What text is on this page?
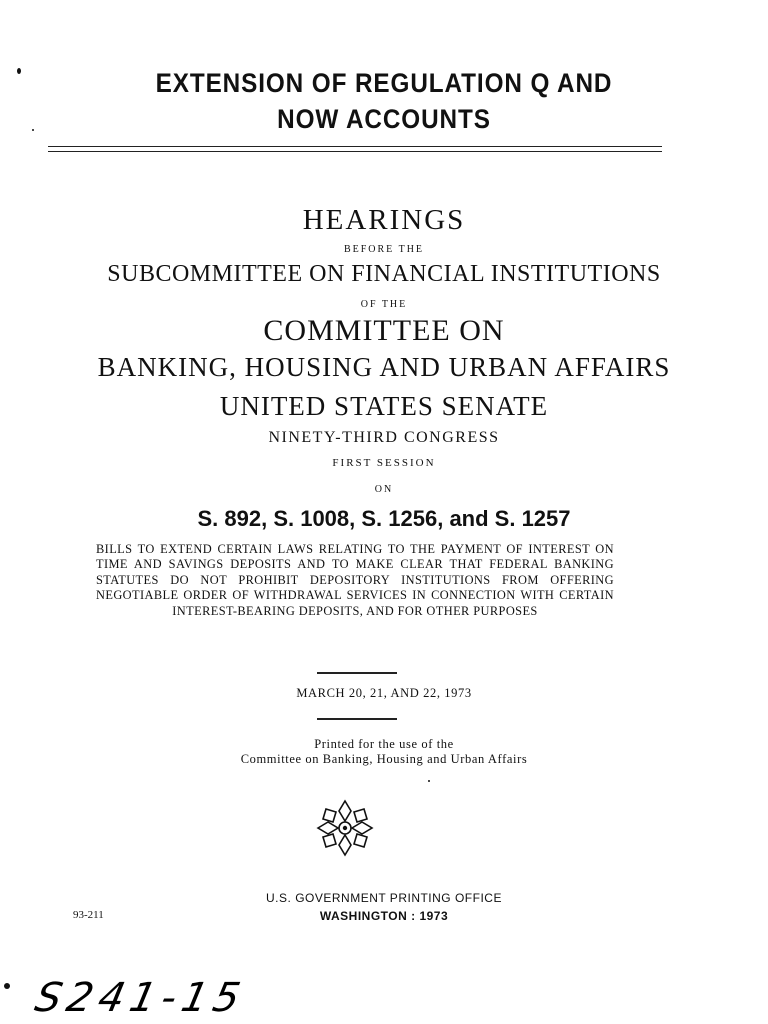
EXTENSION OF REGULATION Q AND
NOW ACCOUNTS
HEARINGS
BEFORE THE
SUBCOMMITTEE ON FINANCIAL INSTITUTIONS
OF THE
COMMITTEE ON
BANKING, HOUSING AND URBAN AFFAIRS
UNITED STATES SENATE
NINETY-THIRD CONGRESS
FIRST SESSION
ON
S. 892, S. 1008, S. 1256, and S. 1257
BILLS TO EXTEND CERTAIN LAWS RELATING TO THE PAYMENT OF INTEREST ON TIME AND SAVINGS DEPOSITS AND TO MAKE CLEAR THAT FEDERAL BANKING STATUTES DO NOT PROHIBIT DEPOSITORY INSTITUTIONS FROM OFFERING NEGOTIABLE ORDER OF WITHDRAWAL SERVICES IN CONNECTION WITH CERTAIN INTEREST-BEARING DEPOSITS, AND FOR OTHER PURPOSES
MARCH 20, 21, AND 22, 1973
Printed for the use of the
Committee on Banking, Housing and Urban Affairs
U.S. GOVERNMENT PRINTING OFFICE
WASHINGTON : 1973
93-211
S241-15
